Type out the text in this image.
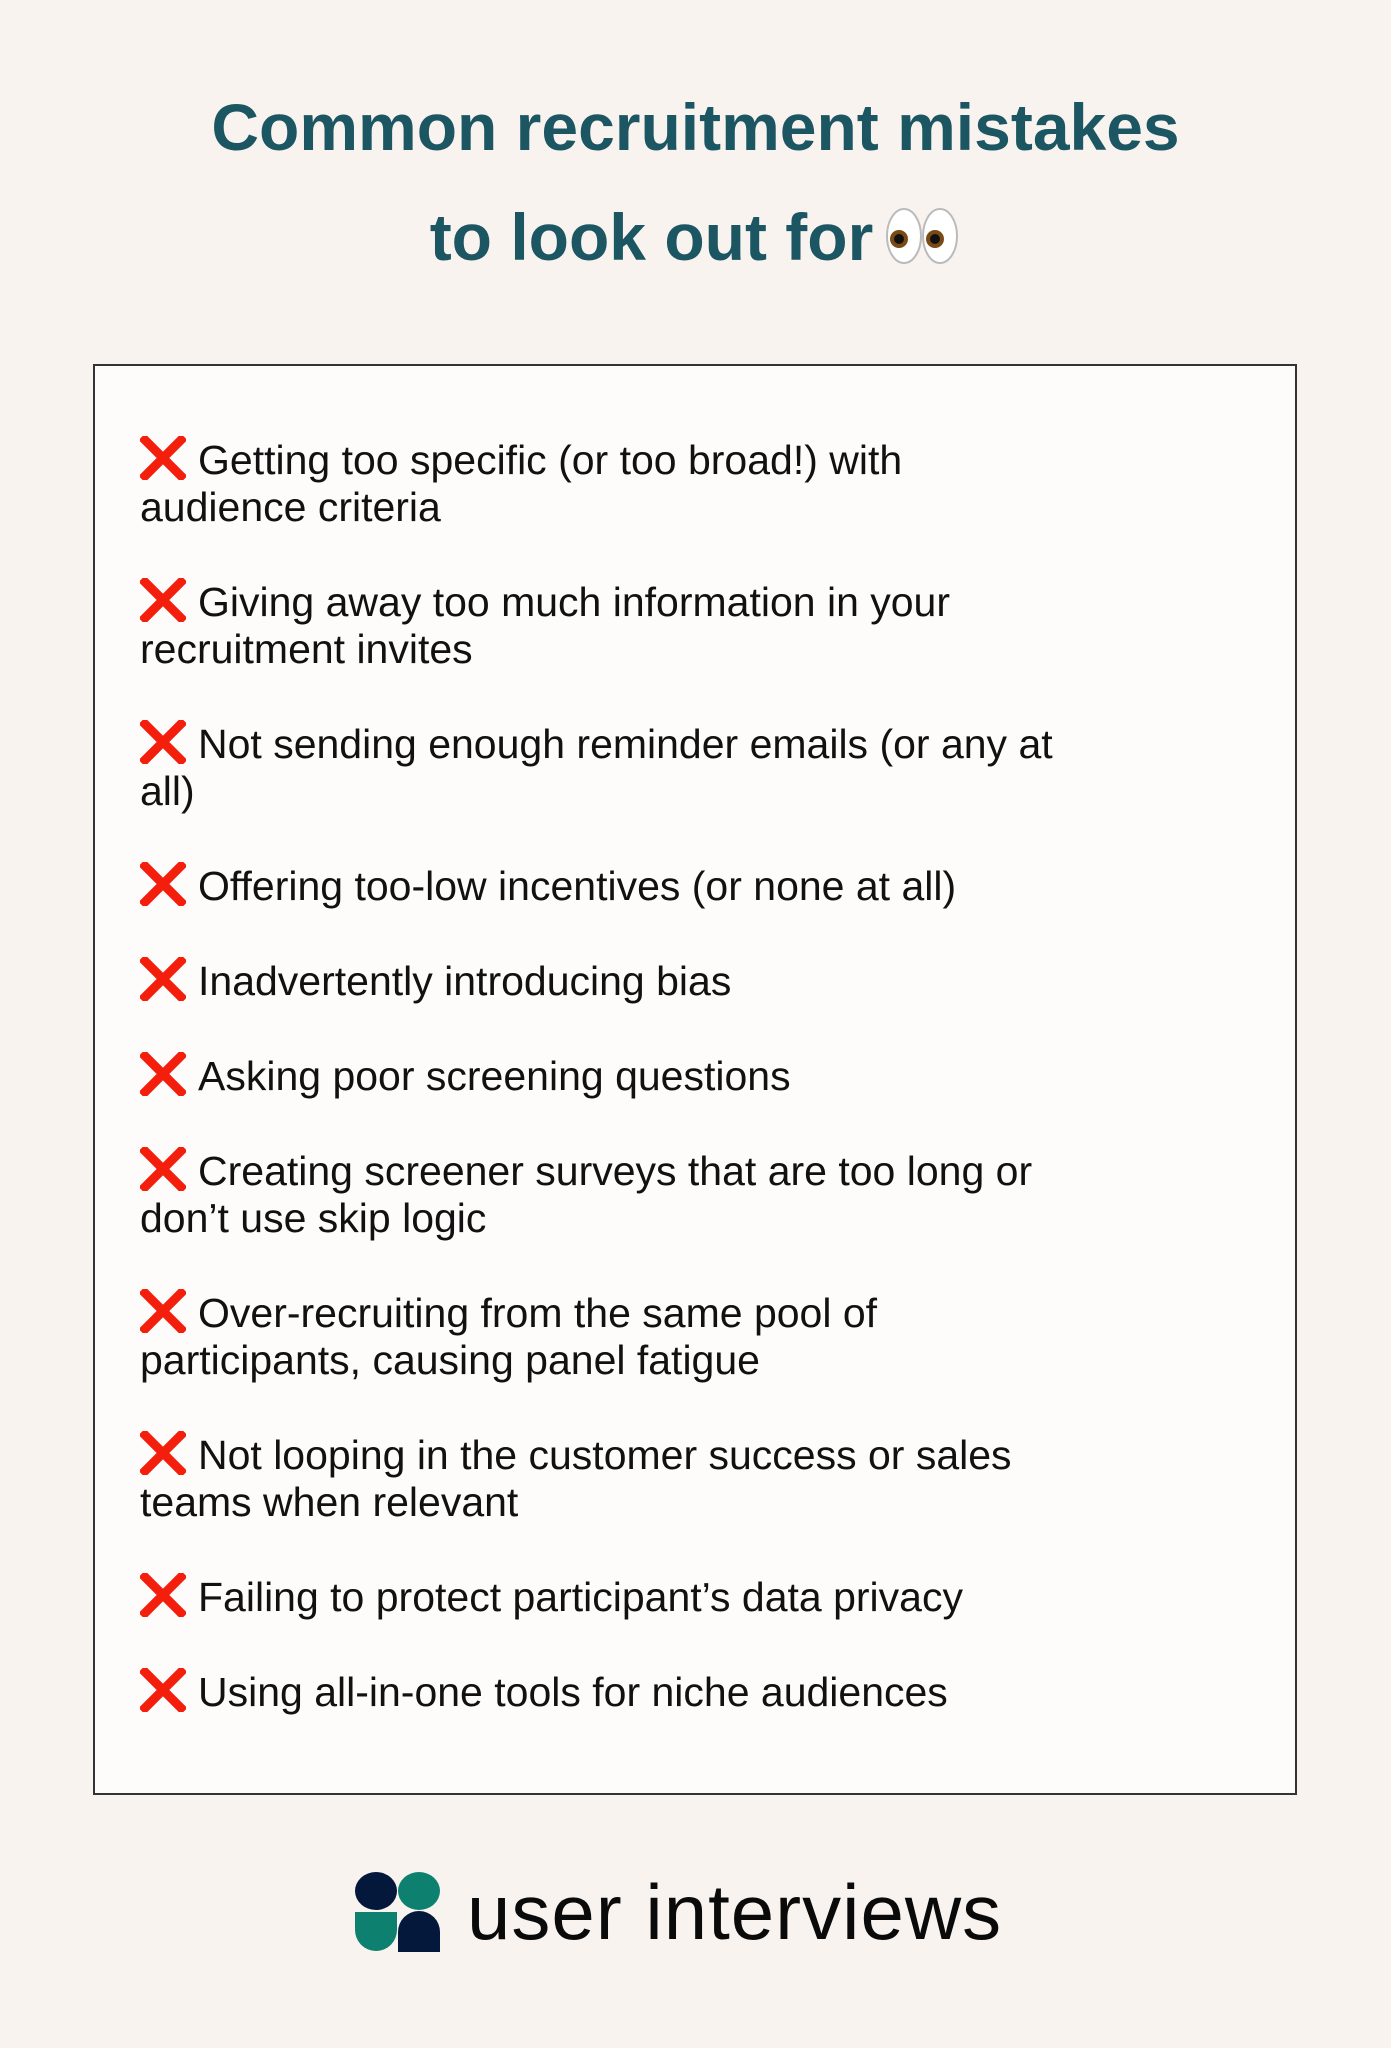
Common recruitment mistakes
to look out for
Getting too specific (or too broad!) with
audience criteria
Giving away too much information in your
recruitment invites
Not sending enough reminder emails (or any at
all)
Offering too-low incentives (or none at all)
Inadvertently introducing bias
Asking poor screening questions
Creating screener surveys that are too long or
don’t use skip logic
Over-recruiting from the same pool of
participants, causing panel fatigue
Not looping in the customer success or sales
teams when relevant
Failing to protect participant’s data privacy
Using all-in-one tools for niche audiences
user interviews
